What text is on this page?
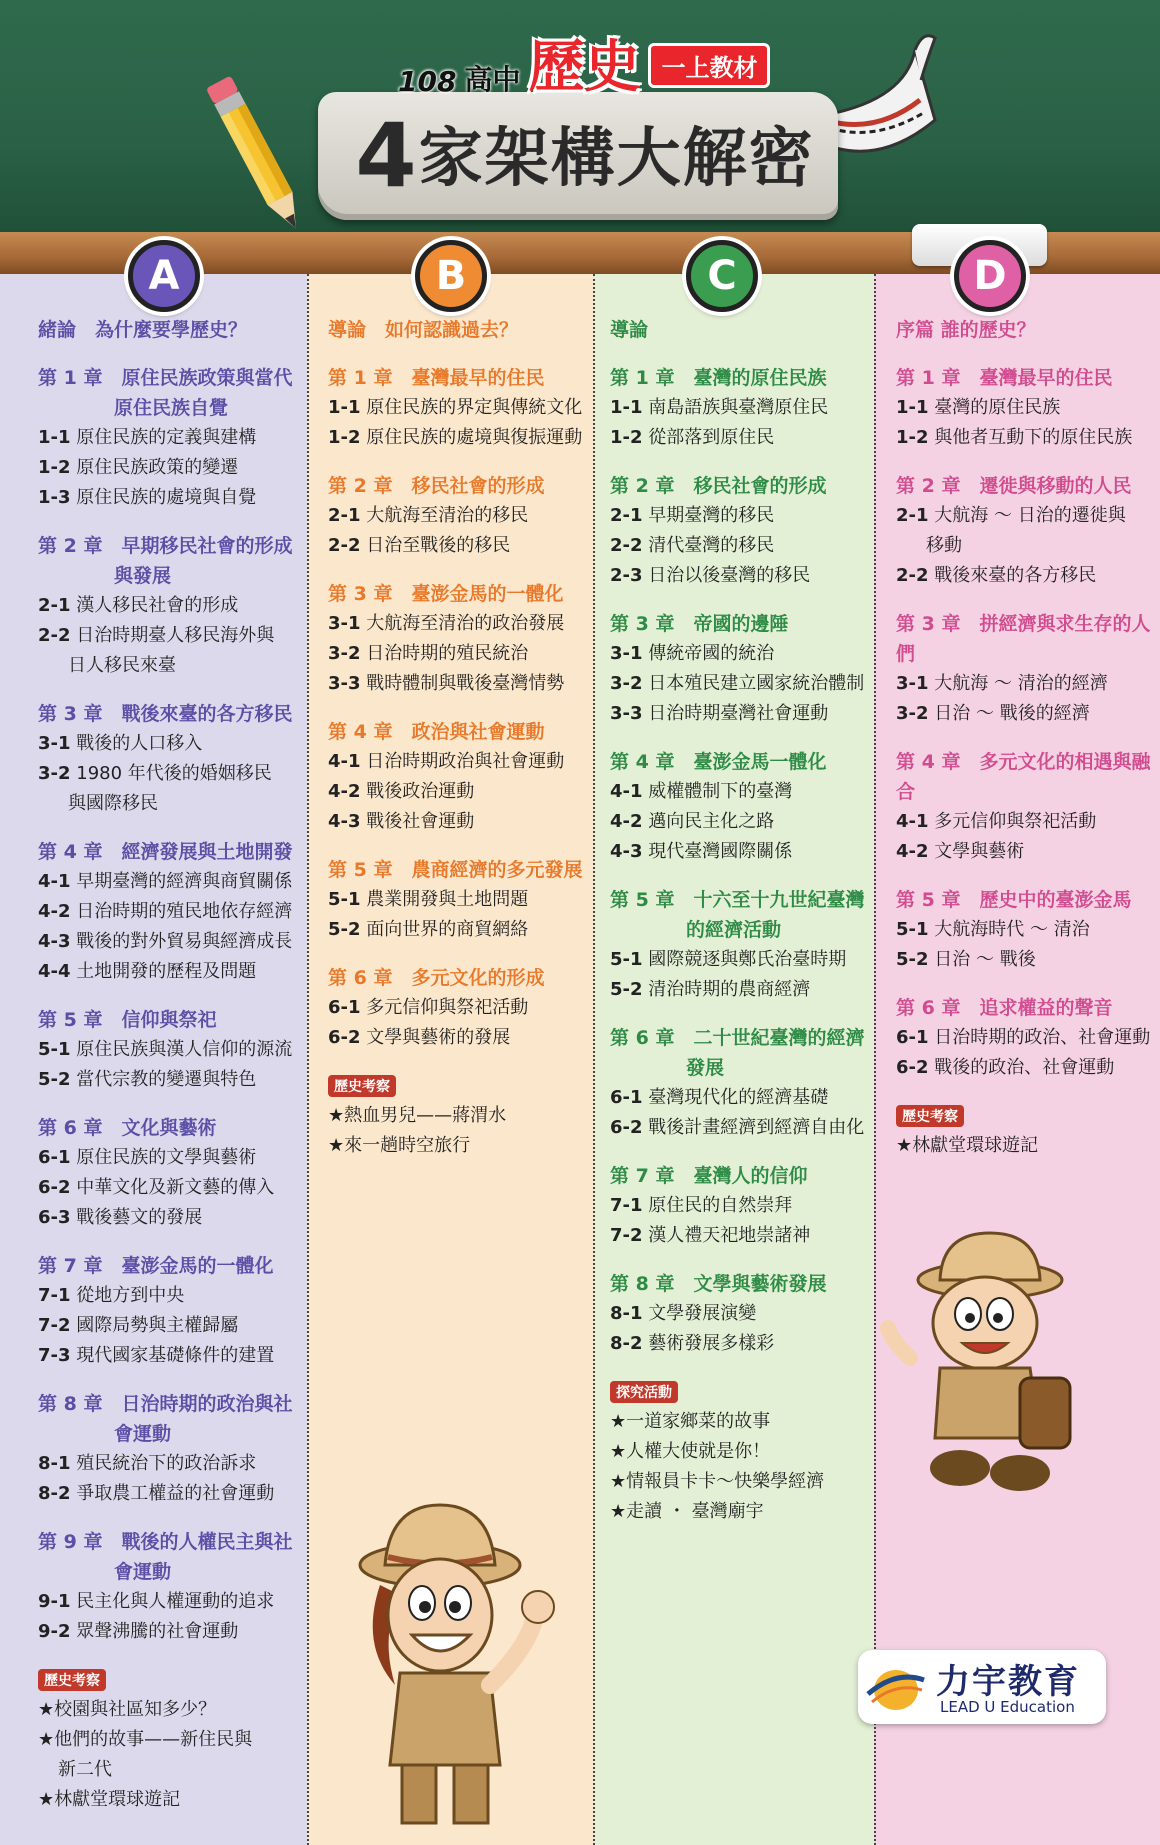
108 高中 歷史 一上教材
4家架構大解密
A	B	C	D

緒論　為什麼要學歷史？

第 1 章　原住民族政策與當代
原住民族自覺

1-1 原住民族的定義與建構

1-2 原住民族政策的變遷

1-3 原住民族的處境與自覺

第 2 章　早期移民社會的形成
與發展

2-1 漢人移民社會的形成

2-2 日治時期臺人移民海外與

日人移民來臺

第 3 章　戰後來臺的各方移民

3-1 戰後的人口移入

3-2 1980 年代後的婚姻移民

與國際移民

第 4 章　經濟發展與土地開發

4-1 早期臺灣的經濟與商貿關係

4-2 日治時期的殖民地依存經濟

4-3 戰後的對外貿易與經濟成長

4-4 土地開發的歷程及問題

第 5 章　信仰與祭祀

5-1 原住民族與漢人信仰的源流

5-2 當代宗教的變遷與特色

第 6 章　文化與藝術

6-1 原住民族的文學與藝術

6-2 中華文化及新文藝的傳入

6-3 戰後藝文的發展

第 7 章　臺澎金馬的一體化

7-1 從地方到中央

7-2 國際局勢與主權歸屬

7-3 現代國家基礎條件的建置

第 8 章　日治時期的政治與社
會運動

8-1 殖民統治下的政治訴求

8-2 爭取農工權益的社會運動

第 9 章　戰後的人權民主與社
會運動

9-1 民主化與人權運動的追求

9-2 眾聲沸騰的社會運動

歷史考察
★校園與社區知多少？
★他們的故事——新住民與
新二代
★林獻堂環球遊記

導論　如何認識過去？

第 1 章　臺灣最早的住民

1-1 原住民族的界定與傳統文化

1-2 原住民族的處境與復振運動

第 2 章　移民社會的形成

2-1 大航海至清治的移民

2-2 日治至戰後的移民

第 3 章　臺澎金馬的一體化

3-1 大航海至清治的政治發展

3-2 日治時期的殖民統治

3-3 戰時體制與戰後臺灣情勢

第 4 章　政治與社會運動

4-1 日治時期政治與社會運動

4-2 戰後政治運動

4-3 戰後社會運動

第 5 章　農商經濟的多元發展

5-1 農業開發與土地問題

5-2 面向世界的商貿網絡

第 6 章　多元文化的形成

6-1 多元信仰與祭祀活動

6-2 文學與藝術的發展

歷史考察
★熱血男兒——蔣渭水
★來一趟時空旅行

導論

第 1 章　臺灣的原住民族

1-1 南島語族與臺灣原住民

1-2 從部落到原住民

第 2 章　移民社會的形成

2-1 早期臺灣的移民

2-2 清代臺灣的移民

2-3 日治以後臺灣的移民

第 3 章　帝國的邊陲

3-1 傳統帝國的統治

3-2 日本殖民建立國家統治體制

3-3 日治時期臺灣社會運動

第 4 章　臺澎金馬一體化

4-1 威權體制下的臺灣

4-2 邁向民主化之路

4-3 現代臺灣國際關係

第 5 章　十六至十九世紀臺灣
的經濟活動

5-1 國際競逐與鄭氏治臺時期

5-2 清治時期的農商經濟

第 6 章　二十世紀臺灣的經濟
發展

6-1 臺灣現代化的經濟基礎

6-2 戰後計畫經濟到經濟自由化

第 7 章　臺灣人的信仰

7-1 原住民的自然崇拜

7-2 漢人禮天祀地崇諸神

第 8 章　文學與藝術發展

8-1 文學發展演變

8-2 藝術發展多樣彩

探究活動
★一道家鄉菜的故事
★人權大使就是你！
★情報員卡卡～快樂學經濟
★走讀 ・ 臺灣廟宇

序篇 誰的歷史？

第 1 章　臺灣最早的住民

1-1 臺灣的原住民族

1-2 與他者互動下的原住民族

第 2 章　遷徙與移動的人民

2-1 大航海 ～ 日治的遷徙與

移動

2-2 戰後來臺的各方移民

第 3 章　拼經濟與求生存的人們

3-1 大航海 ～ 清治的經濟

3-2 日治 ～ 戰後的經濟

第 4 章　多元文化的相遇與融合

4-1 多元信仰與祭祀活動

4-2 文學與藝術

第 5 章　歷史中的臺澎金馬

5-1 大航海時代 ～ 清治

5-2 日治 ～ 戰後

第 6 章　追求權益的聲音

6-1 日治時期的政治、社會運動

6-2 戰後的政治、社會運動

歷史考察
★林獻堂環球遊記
力宇教育
LEAD U Education
